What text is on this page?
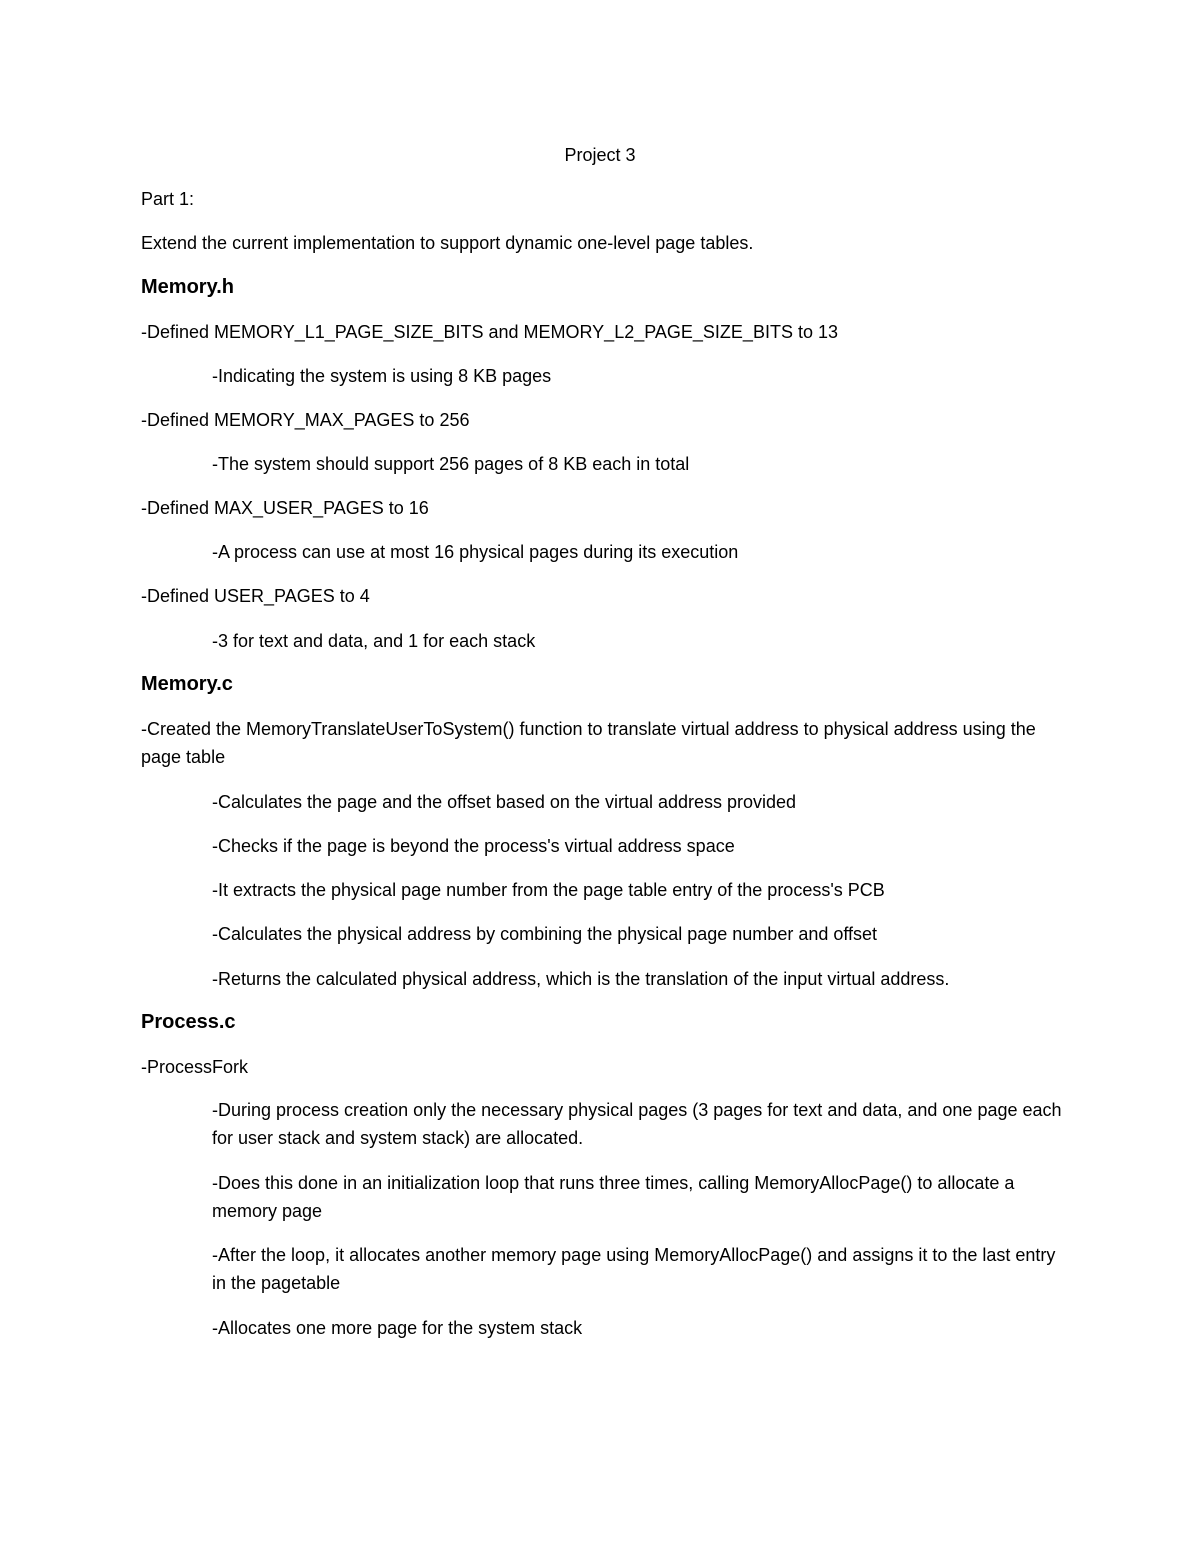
Project 3

Part 1:

Extend the current implementation to support dynamic one-level page tables.

Memory.h

-Defined MEMORY_L1_PAGE_SIZE_BITS and MEMORY_L2_PAGE_SIZE_BITS to 13

-Indicating the system is using 8 KB pages

-Defined MEMORY_MAX_PAGES to 256

-The system should support 256 pages of 8 KB each in total

-Defined MAX_USER_PAGES to 16

-A process can use at most 16 physical pages during its execution

-Defined USER_PAGES to 4

-3 for text and data, and 1 for each stack

Memory.c

-Created the MemoryTranslateUserToSystem() function to translate virtual address to physical address using the page table

-Calculates the page and the offset based on the virtual address provided

-Checks if the page is beyond the process's virtual address space

-It extracts the physical page number from the page table entry of the process's PCB

-Calculates the physical address by combining the physical page number and offset

-Returns the calculated physical address, which is the translation of the input virtual address.

Process.c

-ProcessFork

-During process creation only the necessary physical pages (3 pages for text and data, and one page each for user stack and system stack) are allocated.

-Does this done in an initialization loop that runs three times, calling MemoryAllocPage() to allocate a memory page

-After the loop, it allocates another memory page using MemoryAllocPage() and assigns it to the last entry in the pagetable

-Allocates one more page for the system stack
